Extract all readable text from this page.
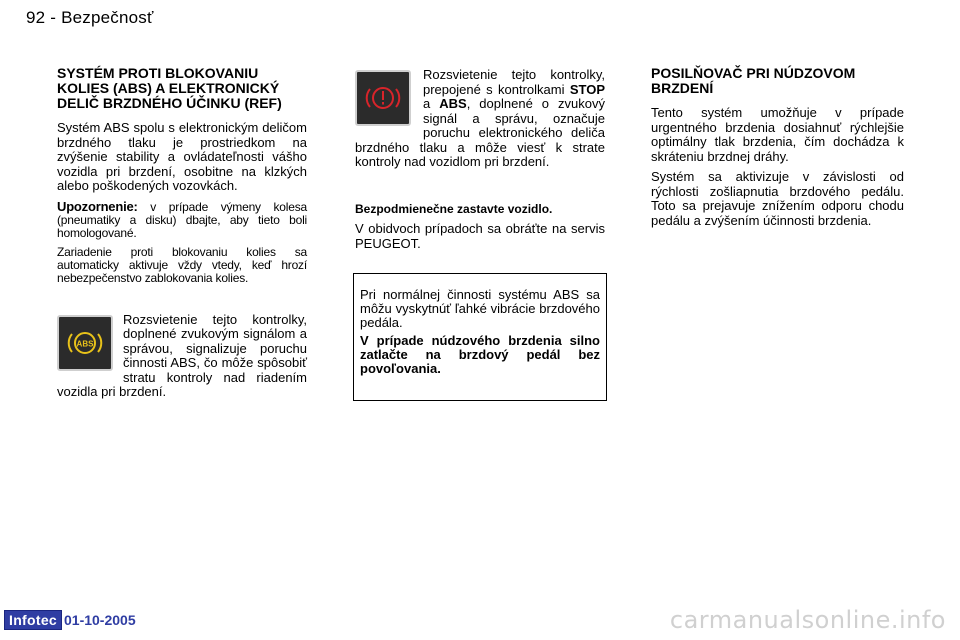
92 - Bezpečnosť
SYSTÉM PROTI BLOKOVANIU KOLIES (ABS) A ELEKTRONICKÝ DELIČ BRZDNÉHO ÚČINKU (REF)

Systém ABS spolu s elektronickým deličom brzdného tlaku je prostriedkom na zvýšenie stability a ovládateľnosti vášho vozidla pri brzdení, osobitne na klzkých alebo poškodených vozovkách.

Upozornenie: v prípade výmeny kolesa (pneumatiky a disku) dbajte, aby tieto boli homologované.

Zariadenie proti blokovaniu kolies sa automaticky aktivuje vždy vtedy, keď hrozí nebezpečenstvo zablokovania kolies.

ABS
Rozsvietenie tejto kontrolky, doplnené zvukovým signálom a správou, signalizuje poruchu činnosti ABS, čo môže spôsobiť stratu kontroly nad riadením vozidla pri brzdení.

Rozsvietenie tejto kontrolky, prepojené s kontrolkami STOP a ABS, doplnené o zvukový signál a správu, označuje poruchu elektronického deliča brzdného tlaku a môže viesť k strate kontroly nad vozidlom pri brzdení.

Bezpodmienečne zastavte vozidlo.

V obidvoch prípadoch sa obráťte na servis PEUGEOT.

Pri normálnej činnosti systému ABS sa môžu vyskytnúť ľahké vibrácie brzdového pedála.

V prípade núdzového brzdenia silno zatlačte na brzdový pedál bez povoľovania.

POSILŇOVAČ PRI NÚDZOVOM BRZDENÍ

Tento systém umožňuje v prípade urgentného brzdenia dosiahnuť rýchlejšie optimálny tlak brzdenia, čím dochádza k skráteniu brzdnej dráhy.

Systém sa aktivizuje v závislosti od rýchlosti zošliapnutia brzdového pedálu. Toto sa prejavuje znížením odporu chodu pedálu a zvýšením účinnosti brzdenia.

Infotec 01-10-2005	carmanualsonline.info
